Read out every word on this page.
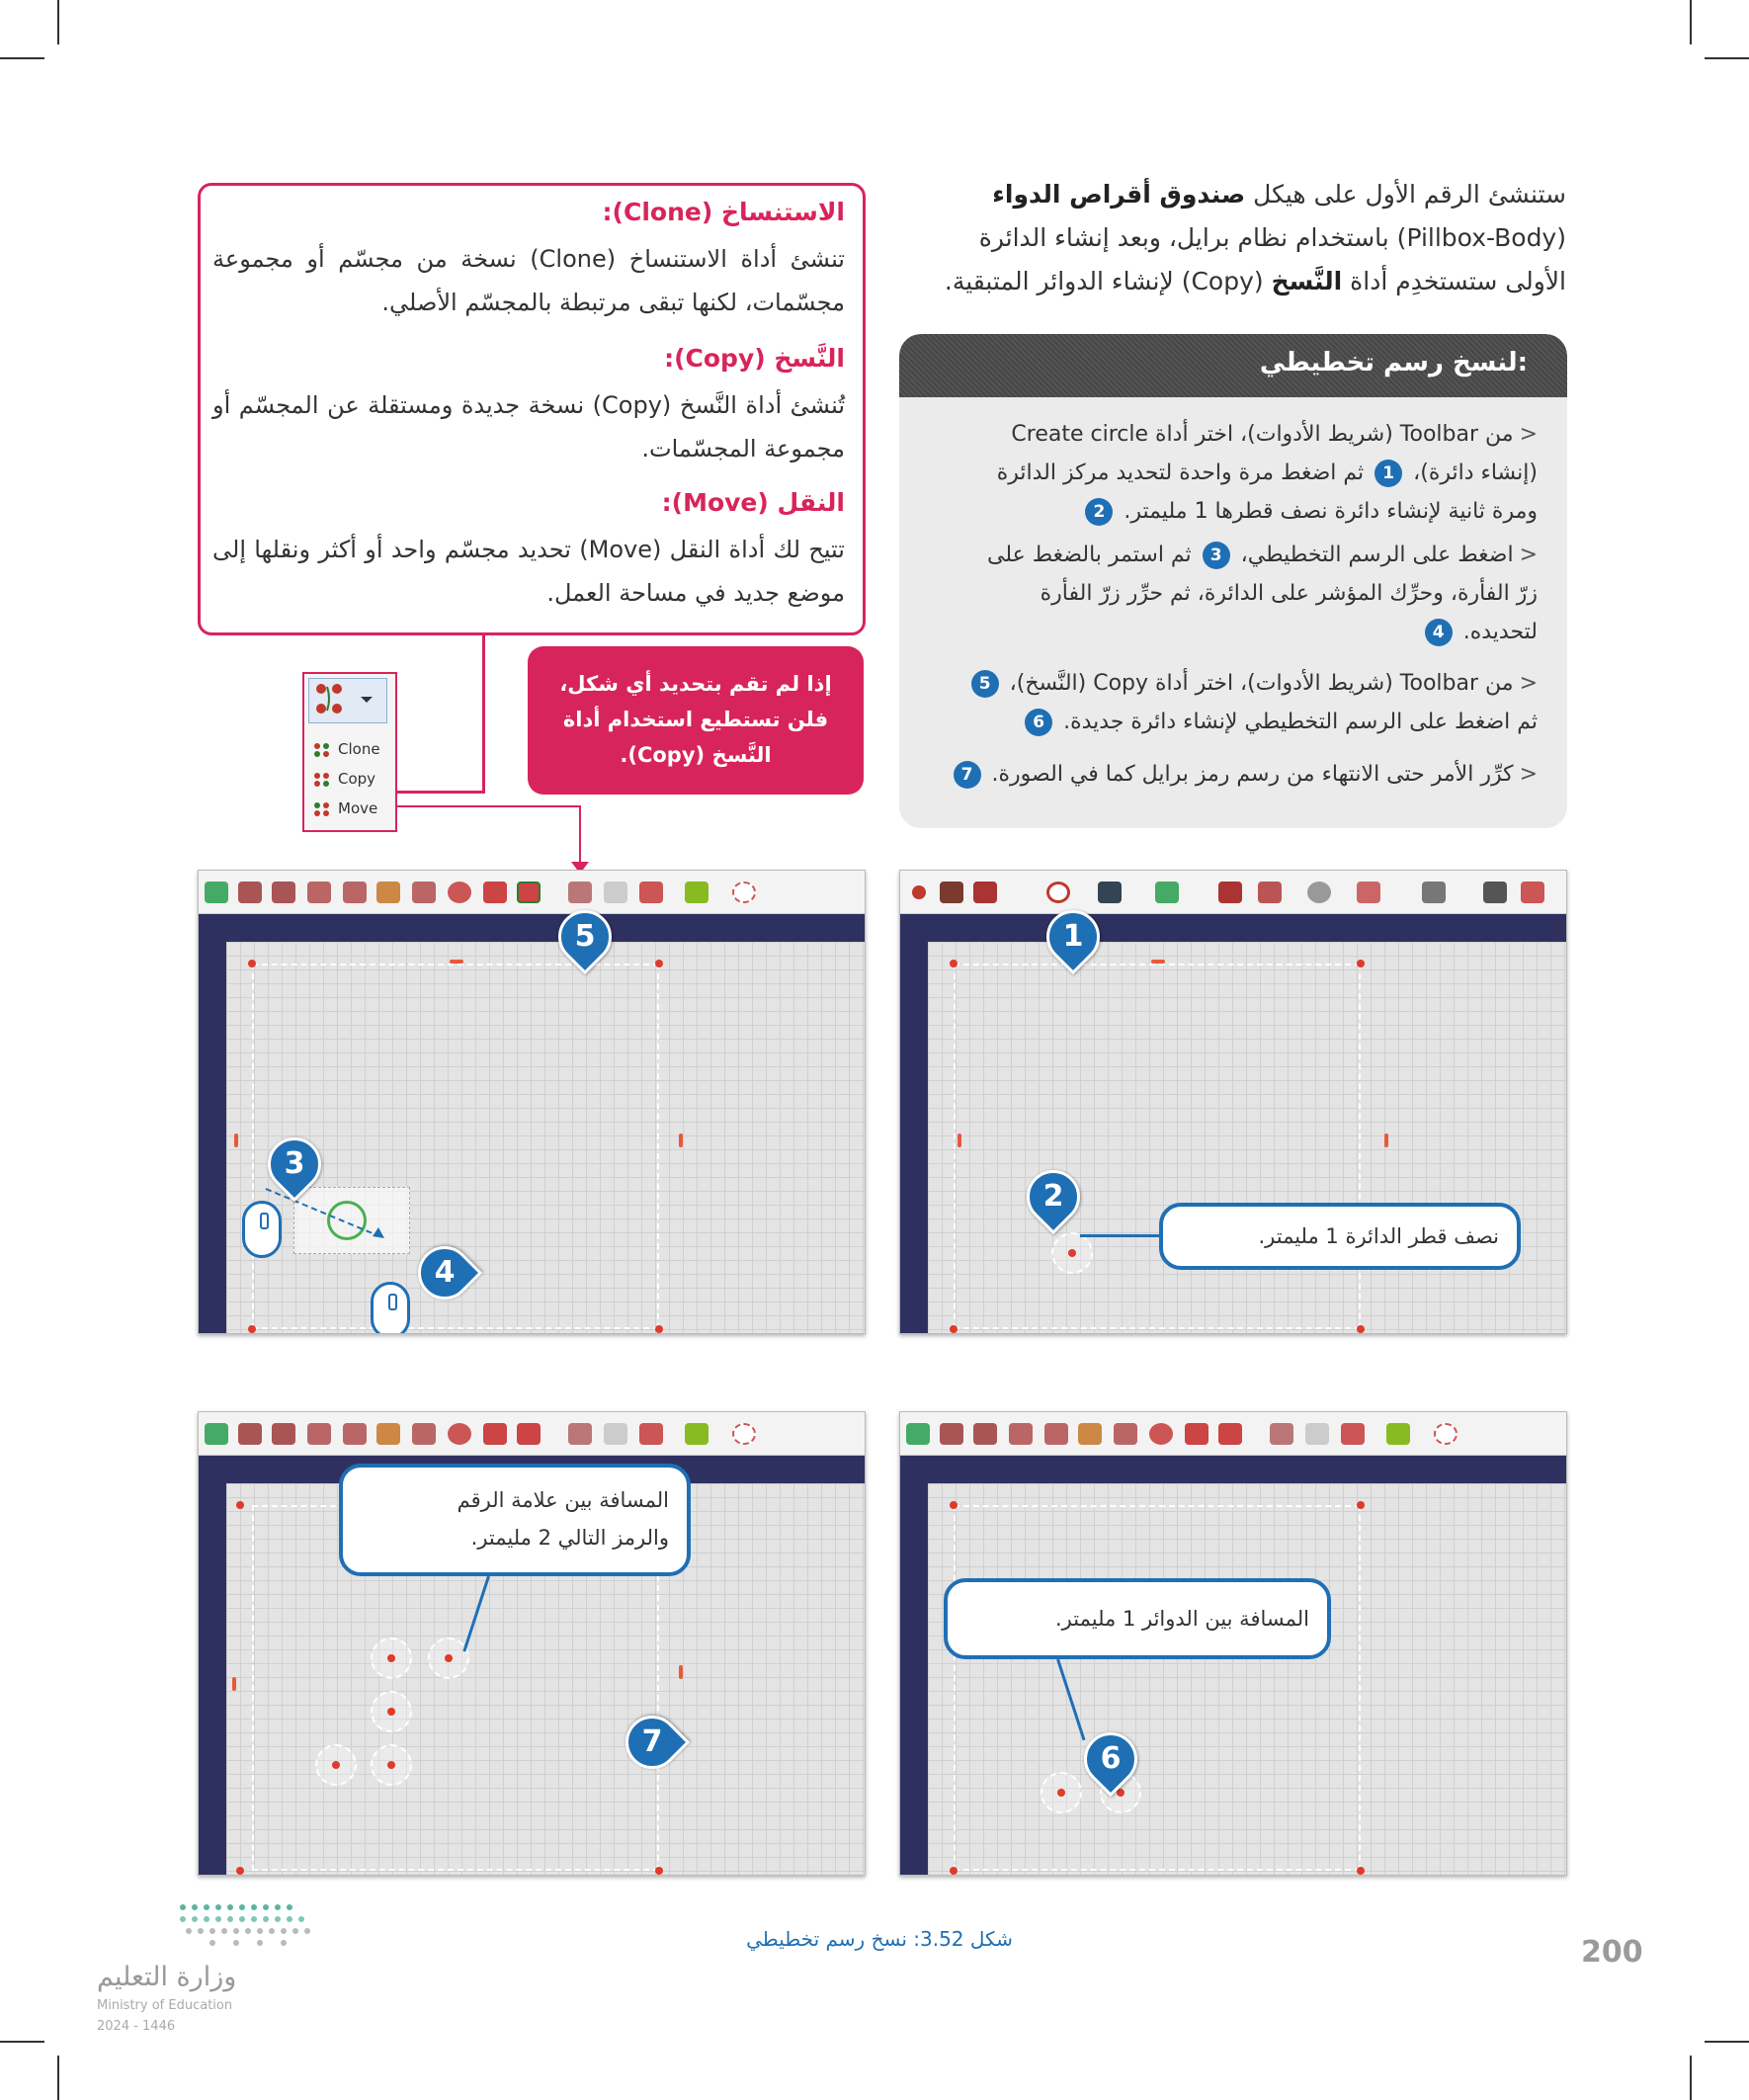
ستنشئ الرقم الأول على هيكل صندوق أقراص الدواء
(Pillbox-Body) باستخدام نظام برايل، وبعد إنشاء الدائرة
الأولى ستستخدِم أداة النَّسخ (Copy) لإنشاء الدوائر المتبقية.
لنسخ رسم تخطيطي:
<من Toolbar (شريط الأدوات)، اختر أداة Create circle
(إنشاء دائرة)، 1 ثم اضغط مرة واحدة لتحديد مركز الدائرة
ومرة ثانية لإنشاء دائرة نصف قطرها 1 مليمتر. 2
<اضغط على الرسم التخطيطي، 3 ثم استمر بالضغط على
زرّ الفأرة، وحرِّك المؤشر على الدائرة، ثم حرِّر زرّ الفأرة
لتحديده. 4
<من Toolbar (شريط الأدوات)، اختر أداة Copy (النَّسخ)، 5
ثم اضغط على الرسم التخطيطي لإنشاء دائرة جديدة. 6
<كرِّر الأمر حتى الانتهاء من رسم رمز برايل كما في الصورة. 7
الاستنساخ (Clone):
تنشئ أداة الاستنساخ (Clone) نسخة من مجسّم أو مجموعة مجسّمات، لكنها تبقى مرتبطة بالمجسّم الأصلي.
النَّسخ (Copy):
تُنشئ أداة النَّسخ (Copy) نسخة جديدة ومستقلة عن المجسّم أو مجموعة المجسّمات.
النقل (Move):
تتيح لك أداة النقل (Move) تحديد مجسّم واحد أو أكثر ونقلها إلى موضع جديد في مساحة العمل.
Clone
Copy
Move
إذا لم تقم بتحديد أي شكل،
فلن تستطيع استخدام أداة
النَّسخ (Copy).
1
2
نصف قطر الدائرة 1 مليمتر.
5
3
4
المسافة بين الدوائر 1 مليمتر.
6
المسافة بين علامة الرقم
والرمز التالي 2 مليمتر.
7
شكل 3.52: نسخ رسم تخطيطي	200
وزارة التعليم
Ministry of Education
2024 - 1446
